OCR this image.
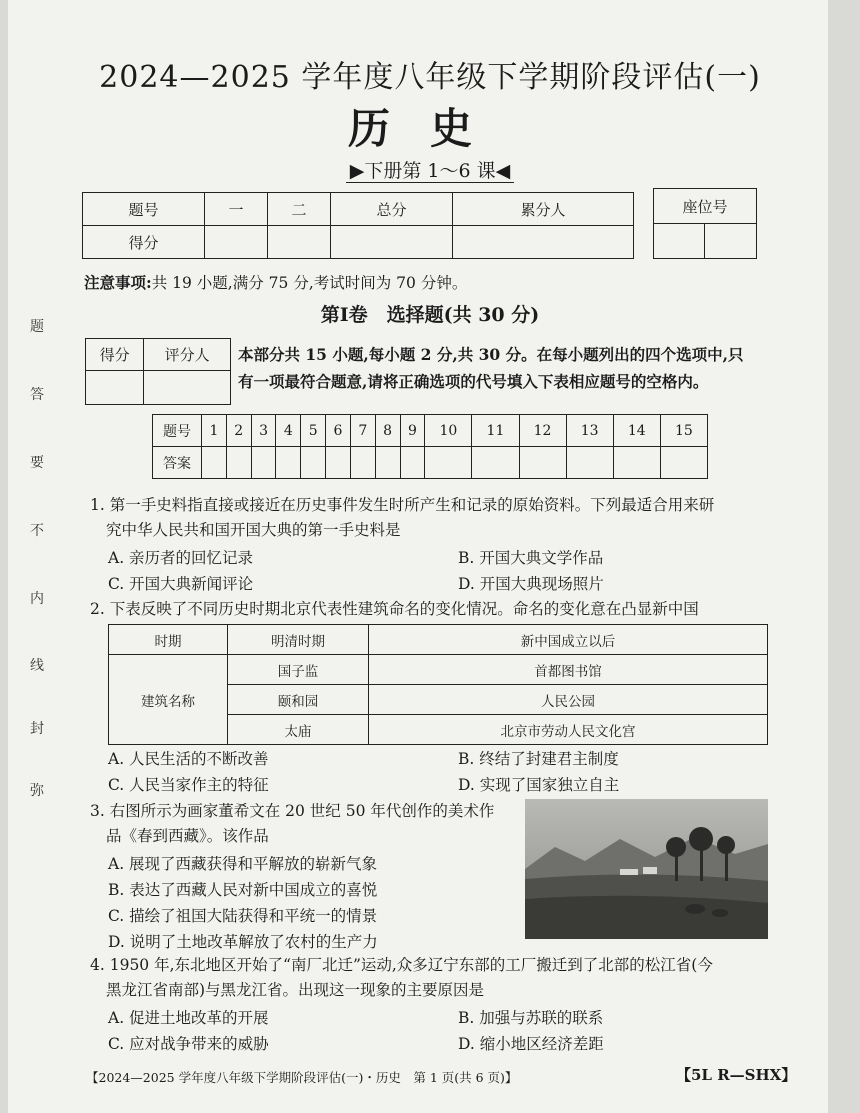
题
答
要
不
内
线
封
弥
2024—2025 学年度八年级下学期阶段评估(一)
历史
▶下册第 1～6 课◀
题号	一	二	总分	累分人
得分				
座位号

注意事项:共 19 小题,满分 75 分,考试时间为 70 分钟。
第Ⅰ卷　选择题(共 30 分)
得分	评分人
	本部分共 15 小题,每小题 2 分,共 30 分。在每小题列出的四个选项中,只
有一项最符合题意,请将正确选项的代号填入下表相应题号的空格内。
题号	1	2	3	4	5	6	7	8	9	10	11	12	13	14	15
答案															
1. 第一手史料指直接或接近在历史事件发生时所产生和记录的原始资料。下列最适合用来研
究中华人民共和国开国大典的第一手史料是
A. 亲历者的回忆记录	B. 开国大典文学作品
C. 开国大典新闻评论	D. 开国大典现场照片
2. 下表反映了不同历史时期北京代表性建筑命名的变化情况。命名的变化意在凸显新中国
时期	明清时期	新中国成立以后
建筑名称	国子监	首都图书馆
	颐和园	人民公园
	太庙	北京市劳动人民文化宫
A. 人民生活的不断改善	B. 终结了封建君主制度
C. 人民当家作主的特征	D. 实现了国家独立自主
3. 右图所示为画家董希文在 20 世纪 50 年代创作的美术作
品《春到西藏》。该作品
A. 展现了西藏获得和平解放的崭新气象
B. 表达了西藏人民对新中国成立的喜悦
C. 描绘了祖国大陆获得和平统一的情景
D. 说明了土地改革解放了农村的生产力
4. 1950 年,东北地区开始了“南厂北迁”运动,众多辽宁东部的工厂搬迁到了北部的松江省(今
黑龙江省南部)与黑龙江省。出现这一现象的主要原因是
A. 促进土地改革的开展	B. 加强与苏联的联系
C. 应对战争带来的威胁	D. 缩小地区经济差距
【2024—2025 学年度八年级下学期阶段评估(一)・历史　第 1 页(共 6 页)】	【5L R—SHX】
